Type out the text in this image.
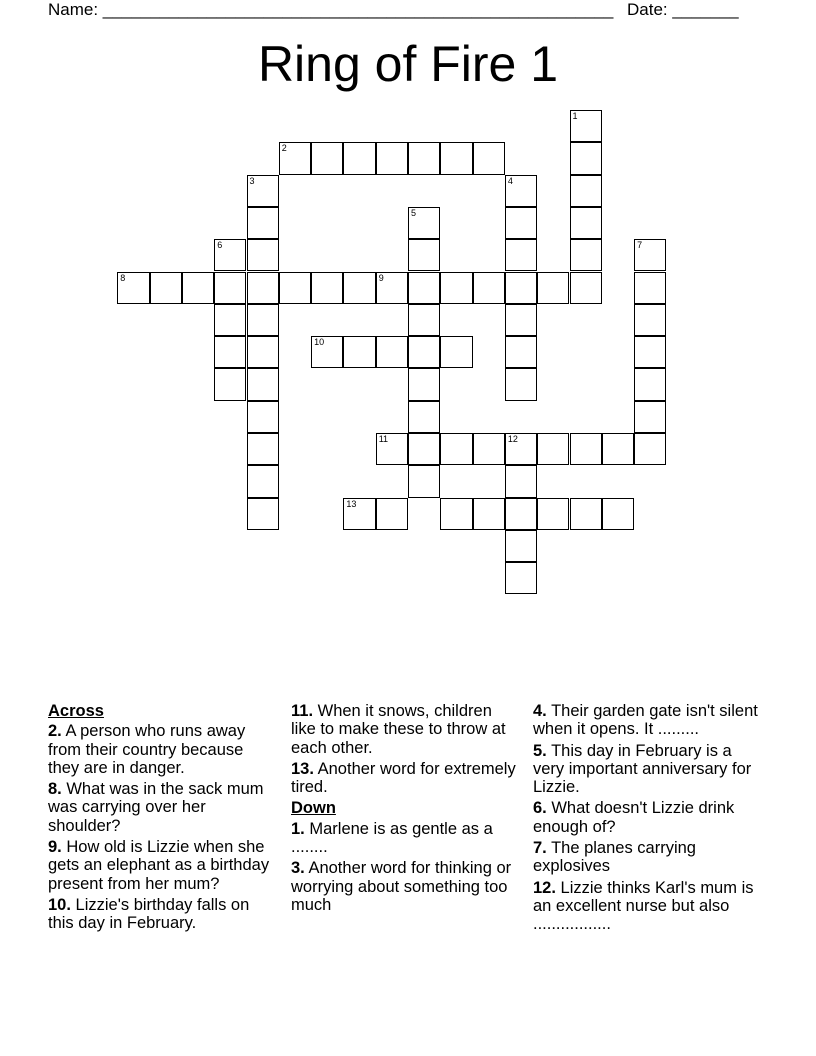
Name: ______________________________________________________ Date: _______
Ring of Fire 1
1
2
3	4
5
6	7
8	9
10
11	12
13
Across
2. A person who runs away from their country because they are in danger.
8. What was in the sack mum was carrying over her shoulder?
9. How old is Lizzie when she gets an elephant as a birthday present from her mum?
10. Lizzie's birthday falls on this day in February.
11. When it snows, children like to make these to throw at each other.
13. Another word for extremely tired.
Down
1. Marlene is as gentle as a ........
3. Another word for thinking or worrying about something too much
4. Their garden gate isn't silent when it opens. It .........
5. This day in February is a very important anniversary for Lizzie.
6. What doesn't Lizzie drink enough of?
7. The planes carrying explosives
12. Lizzie thinks Karl's mum is an excellent nurse but also .................
